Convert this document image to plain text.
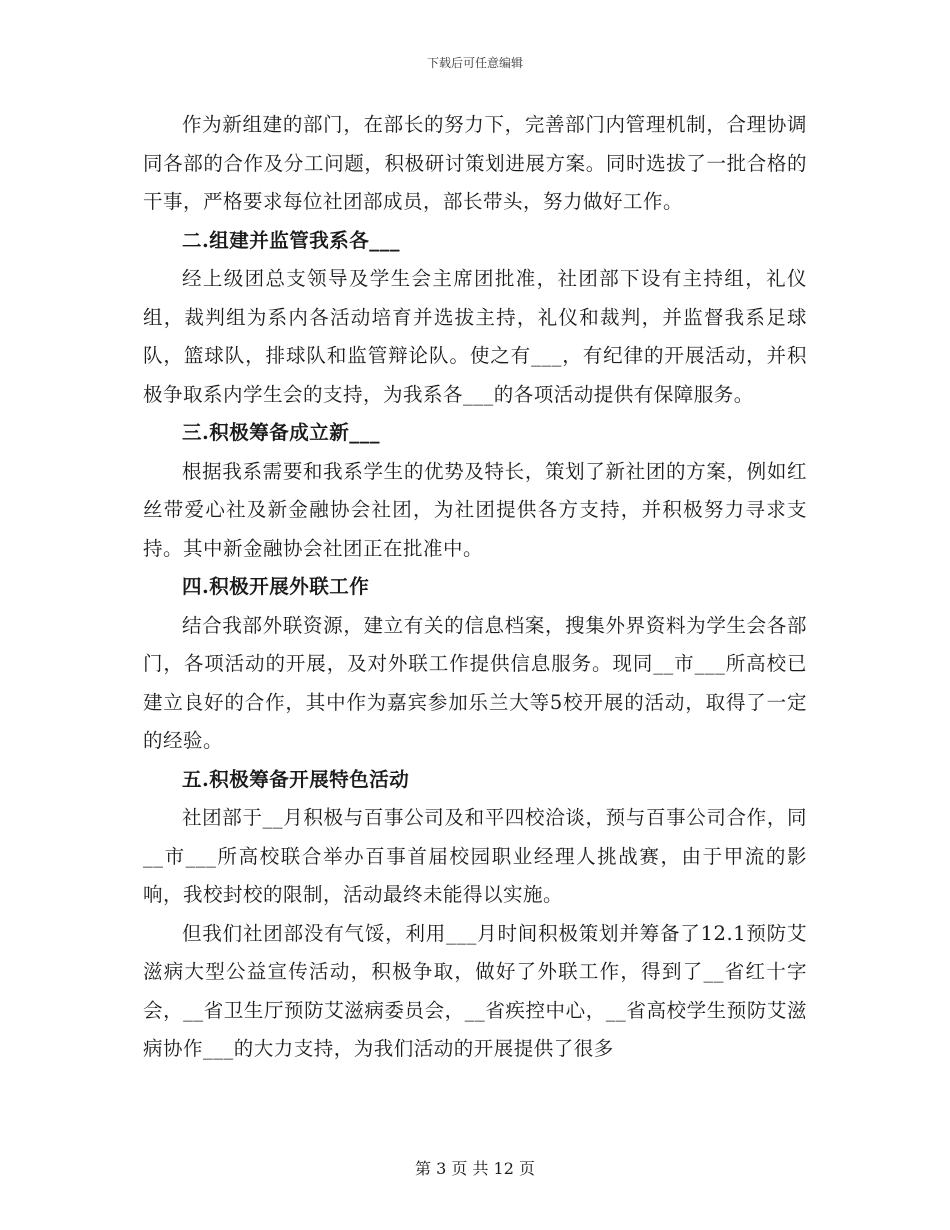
下载后可任意编辑

作为新组建的部门，在部长的努力下，完善部门内管理机制，合理协调同各部的合作及分工问题，积极研讨策划进展方案。同时选拔了一批合格的干事，严格要求每位社团部成员，部长带头，努力做好工作。

二.组建并监管我系各___

经上级团总支领导及学生会主席团批准，社团部下设有主持组，礼仪组，裁判组为系内各活动培育并选拔主持，礼仪和裁判，并监督我系足球队，篮球队，排球队和监管辩论队。使之有___，有纪律的开展活动，并积极争取系内学生会的支持，为我系各___的各项活动提供有保障服务。

三.积极筹备成立新___

根据我系需要和我系学生的优势及特长，策划了新社团的方案，例如红丝带爱心社及新金融协会社团，为社团提供各方支持，并积极努力寻求支持。其中新金融协会社团正在批准中。

四.积极开展外联工作

结合我部外联资源，建立有关的信息档案，搜集外界资料为学生会各部门，各项活动的开展，及对外联工作提供信息服务。现同__市___所高校已建立良好的合作，其中作为嘉宾参加乐兰大等5校开展的活动，取得了一定的经验。

五.积极筹备开展特色活动

社团部于__月积极与百事公司及和平四校洽谈，预与百事公司合作，同__市___所高校联合举办百事首届校园职业经理人挑战赛，由于甲流的影响，我校封校的限制，活动最终未能得以实施。

但我们社团部没有气馁，利用___月时间积极策划并筹备了12.1预防艾滋病大型公益宣传活动，积极争取，做好了外联工作，得到了__省红十字会，__省卫生厅预防艾滋病委员会，__省疾控中心，__省高校学生预防艾滋病协作___的大力支持，为我们活动的开展提供了很多

第 3 页 共 12 页
